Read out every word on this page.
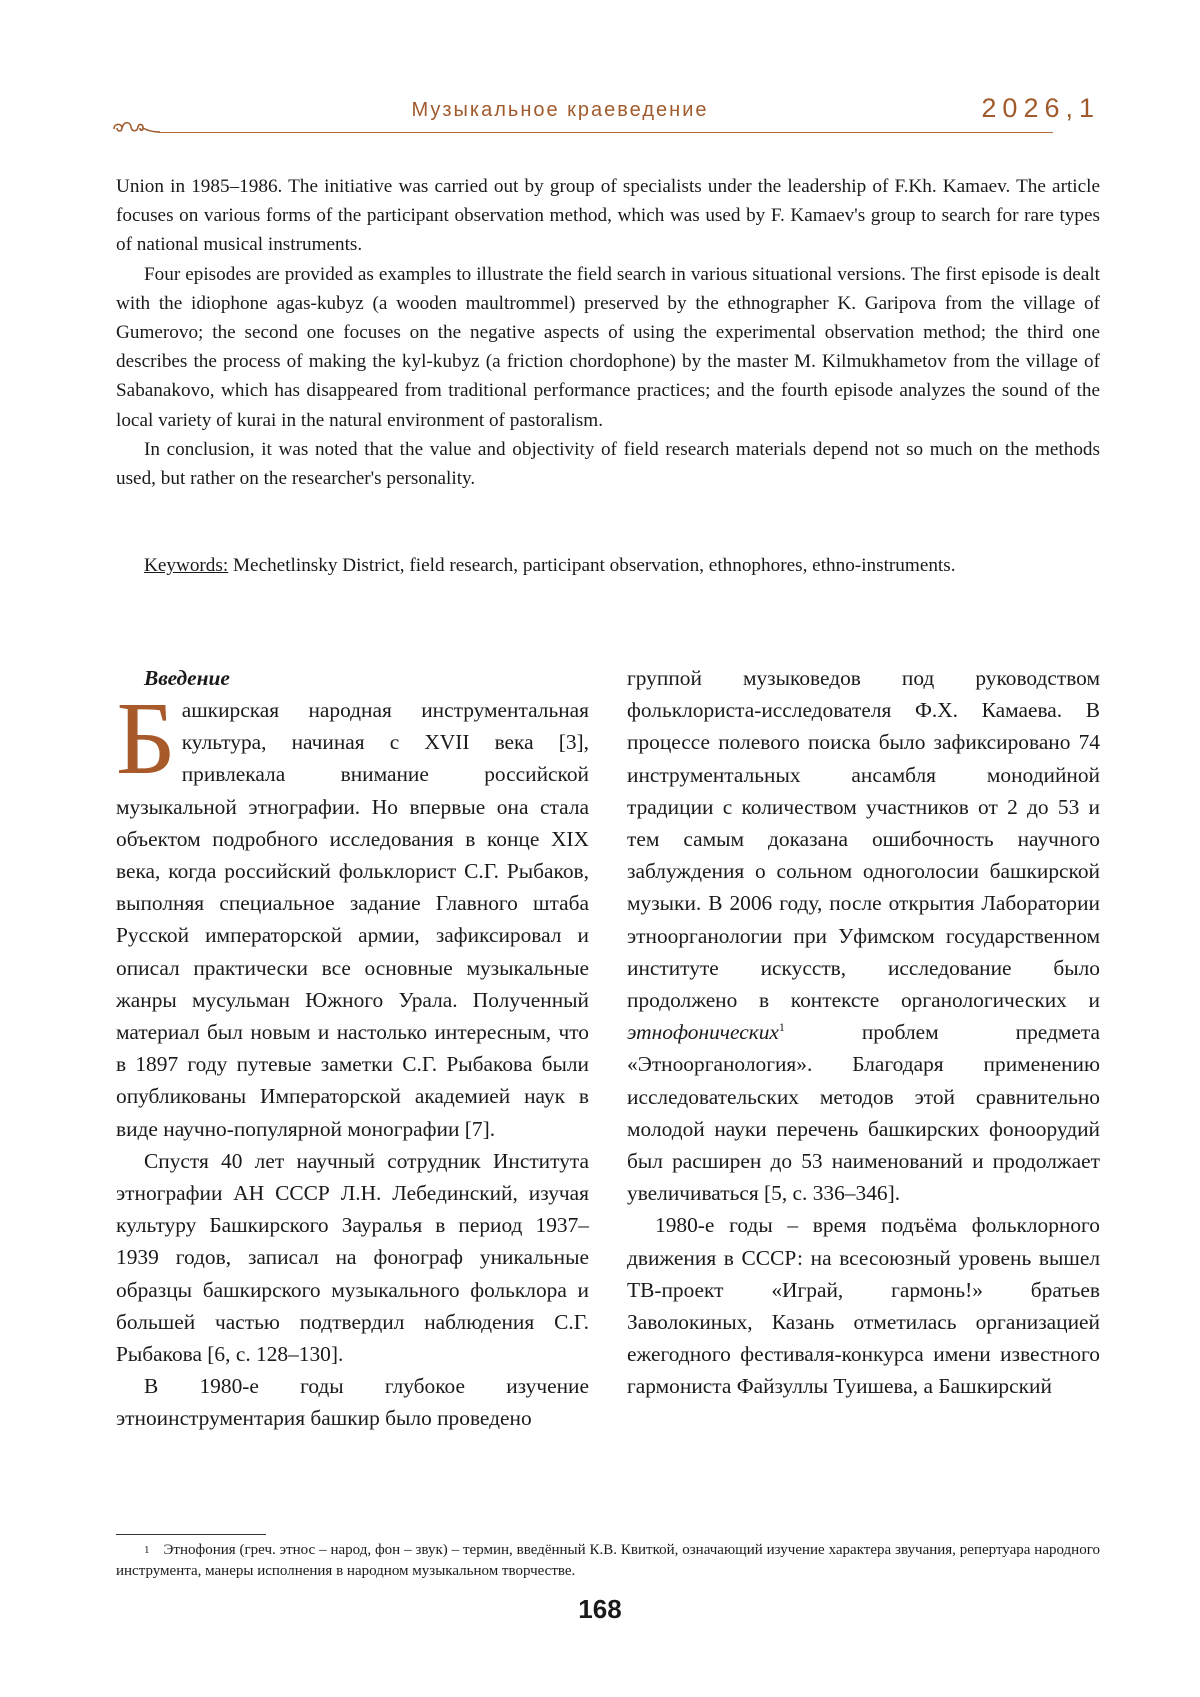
Музыкальное краеведение	2026,1

Union in 1985–1986. The initiative was carried out by group of specialists under the leadership of F.Kh. Kamaev. The article focuses on various forms of the participant observation method, which was used by F. Kamaev's group to search for rare types of national musical instruments.

Four episodes are provided as examples to illustrate the field search in various situational versions. The first episode is dealt with the idiophone agas-kubyz (a wooden maultrommel) preserved by the ethnographer K. Garipova from the village of Gumerovo; the second one focuses on the negative aspects of using the experimental observation method; the third one describes the process of making the kyl-kubyz (a friction chordophone) by the master M. Kilmukhametov from the village of Sabanakovo, which has disappeared from traditional performance practices; and the fourth episode analyzes the sound of the local variety of kurai in the natural environment of pastoralism.

In conclusion, it was noted that the value and objectivity of field research materials depend not so much on the methods used, but rather on the researcher's personality.

Keywords: Mechetlinsky District, field research, participant observation, ethnophores, ethno-instruments.

Введение

Башкирская народная инструментальная культура, начиная с XVII века [3], привлекала внимание российской музыкальной этнографии. Но впервые она стала объектом подробного исследования в конце XIX века, когда российский фольклорист С.Г. Рыбаков, выполняя специальное задание Главного штаба Русской императорской армии, зафиксировал и описал практически все основные музыкальные жанры мусульман Южного Урала. Полученный материал был новым и настолько интересным, что в 1897 году путевые заметки С.Г. Рыбакова были опубликованы Императорской академией наук в виде научно-популярной монографии [7].

Спустя 40 лет научный сотрудник Института этнографии АН СССР Л.Н. Лебединский, изучая культуру Башкирского Зауралья в период 1937–1939 годов, записал на фонограф уникальные образцы башкирского музыкального фольклора и большей частью подтвердил наблюдения С.Г. Рыбакова [6, с. 128–130].

В 1980-е годы глубокое изучение этноинструментария башкир было проведено

группой музыковедов под руководством фольклориста-исследователя Ф.Х. Камаева. В процессе полевого поиска было зафиксировано 74 инструментальных ансамбля монодийной традиции с количеством участников от 2 до 53 и тем самым доказана ошибочность научного заблуждения о сольном одноголосии башкирской музыки. В 2006 году, после открытия Лаборатории этноорганологии при Уфимском государственном институте искусств, исследование было продолжено в контексте органологических и этнофонических$^1$ проблем предмета «Этноорганология». Благодаря применению исследовательских методов этой сравнительно молодой науки перечень башкирских фоноорудий был расширен до 53 наименований и продолжает увеличиваться [5, с. 336–346].

1980-е годы – время подъёма фольклорного движения в СССР: на всесоюзный уровень вышел ТВ-проект «Играй, гармонь!» братьев Заволокиных, Казань отметилась организацией ежегодного фестиваля-конкурса имени известного гармониста Файзуллы Туишева, а Башкирский

$^1$ Этнофония (греч. этнос – народ, фон – звук) – термин, введённый К.В. Квиткой, означающий изучение характера звучания, репертуара народного инструмента, манеры исполнения в народном музыкальном творчестве.

168
